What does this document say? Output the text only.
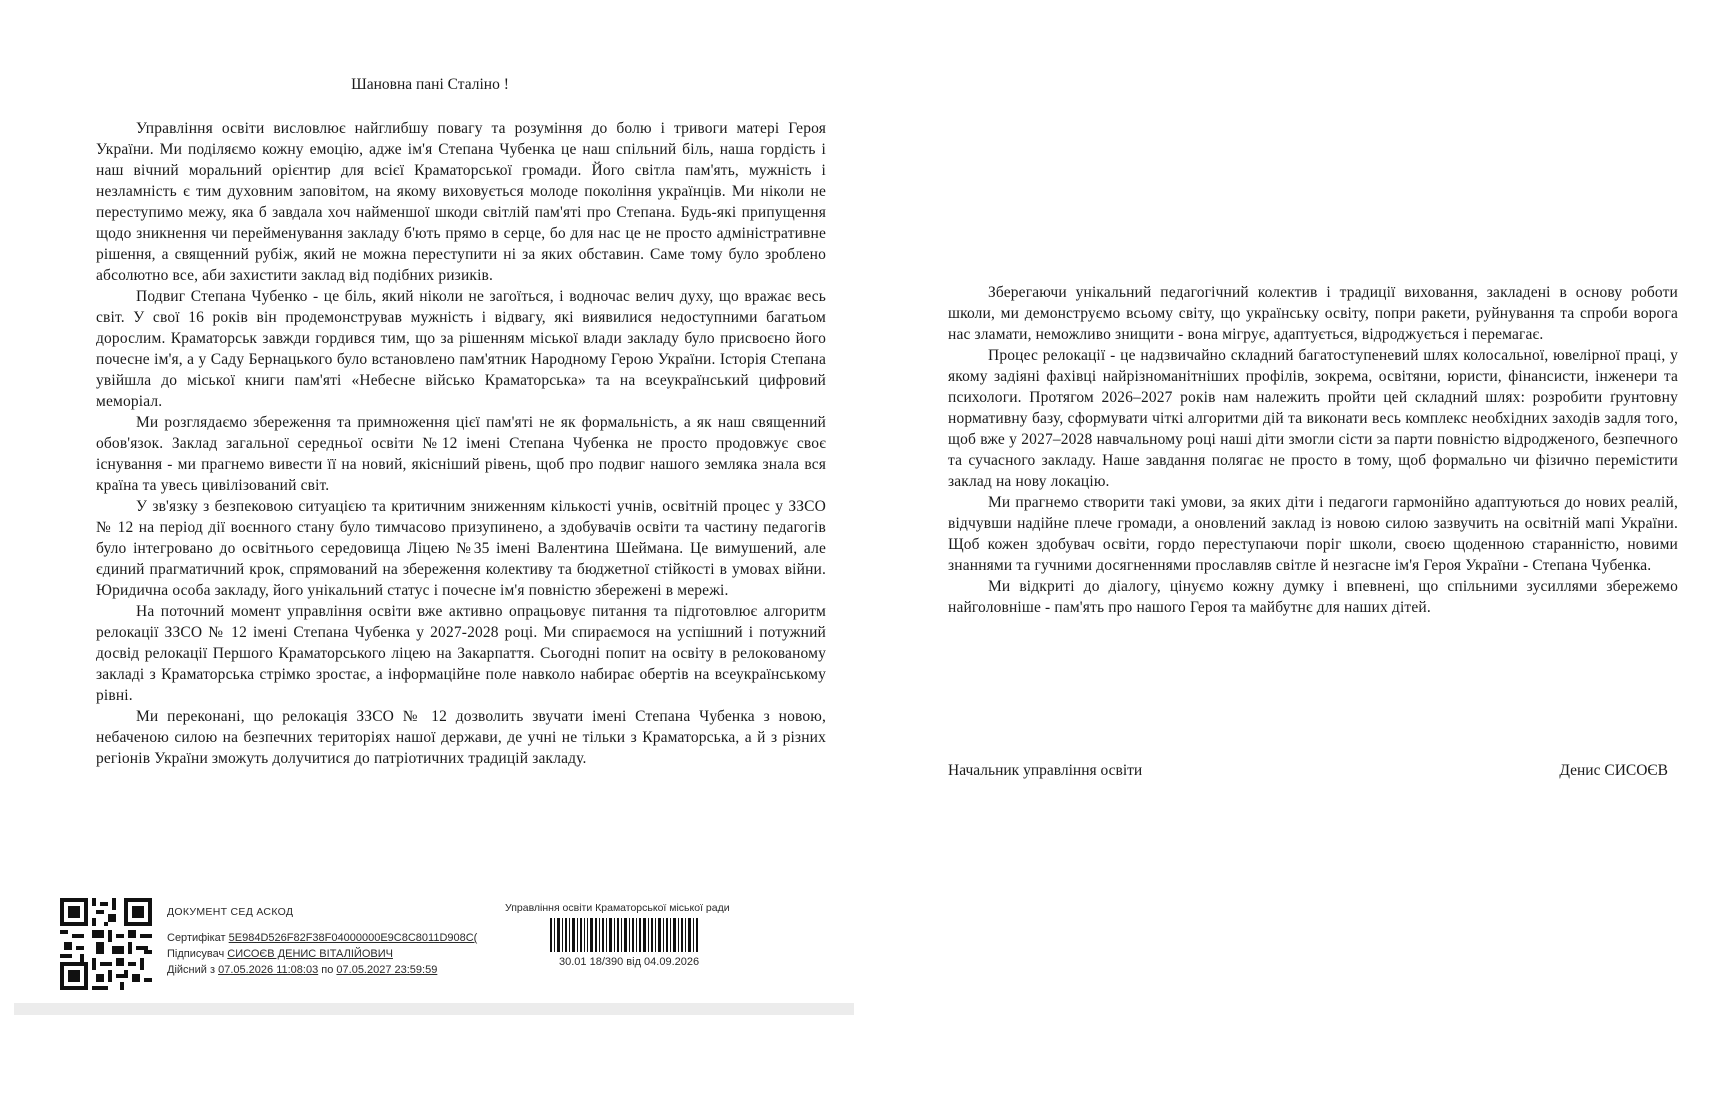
Шановна пані Сталіно !

Управління освіти висловлює найглибшу повагу та розуміння до болю і тривоги матері Героя України. Ми поділяємо кожну емоцію, адже ім'я Степана Чубенка це наш спільний біль, наша гордість і наш вічний моральний орієнтир для всієї Краматорської громади. Його світла пам'ять, мужність і незламність є тим духовним заповітом, на якому виховується молоде покоління українців. Ми ніколи не переступимо межу, яка б завдала хоч найменшої шкоди світлій пам'яті про Степана. Будь-які припущення щодо зникнення чи перейменування закладу б'ють прямо в серце, бо для нас це не просто адміністративне рішення, а священний рубіж, який не можна переступити ні за яких обставин. Саме тому було зроблено абсолютно все, аби захистити заклад від подібних ризиків.

Подвиг Степана Чубенко - це біль, який ніколи не загоїться, і водночас велич духу, що вражає весь світ. У свої 16 років він продемонстрував мужність і відвагу, які виявилися недоступними багатьом дорослим. Краматорськ завжди гордився тим, що за рішенням міської влади закладу було присвоєно його почесне ім'я, а у Саду Бернацького було встановлено пам'ятник Народному Герою України. Історія Степана увійшла до міської книги пам'яті «Небесне військо Краматорська» та на всеукраїнський цифровий меморіал.

Ми розглядаємо збереження та примноження цієї пам'яті не як формальність, а як наш священний обов'язок. Заклад загальної середньої освіти №12 імені Степана Чубенка не просто продовжує своє існування - ми прагнемо вивести її на новий, якісніший рівень, щоб про подвиг нашого земляка знала вся країна та увесь цивілізований світ.

У зв'язку з безпековою ситуацією та критичним зниженням кількості учнів, освітній процес у ЗЗСО № 12 на період дії воєнного стану було тимчасово призупинено, а здобувачів освіти та частину педагогів було інтегровано до освітнього середовища Ліцею №35 імені Валентина Шеймана. Це вимушений, але єдиний прагматичний крок, спрямований на збереження колективу та бюджетної стійкості в умовах війни. Юридична особа закладу, його унікальний статус і почесне ім'я повністю збережені в мережі.

На поточний момент управління освіти вже активно опрацьовує питання та підготовлює алгоритм релокації ЗЗСО № 12 імені Степана Чубенка у 2027-2028 році. Ми спираємося на успішний і потужний досвід релокації Першого Краматорського ліцею на Закарпаття. Сьогодні попит на освіту в релокованому закладі з Краматорська стрімко зростає, а інформаційне поле навколо набирає обертів на всеукраїнському рівні.

Ми переконані, що релокація ЗЗСО № 12 дозволить звучати імені Степана Чубенка з новою, небаченою силою на безпечних територіях нашої держави, де учні не тільки з Краматорська, а й з різних регіонів України зможуть долучитися до патріотичних традицій закладу.

ДОКУМЕНТ СЕД АСКОД
Сертифікат 5E984D526F82F38F04000000E9C8C8011D908C(
Підписувач СИСОЄВ ДЕНИС ВІТАЛІЙОВИЧ
Дійсний з 07.05.2026 11:08:03 по 07.05.2027 23:59:59
Управління освіти Краматорської міської ради
30.01 18/390 від 04.09.2026

Зберегаючи унікальний педагогічний колектив і традиції виховання, закладені в основу роботи школи, ми демонструємо всьому світу, що українську освіту, попри ракети, руйнування та спроби ворога нас зламати, неможливо знищити - вона мігрує, адаптується, відроджується і перемагає.

Процес релокації - це надзвичайно складний багатоступеневий шлях колосальної, ювелірної праці, у якому задіяні фахівці найрізноманітніших профілів, зокрема, освітяни, юристи, фінансисти, інженери та психологи. Протягом 2026–2027 років нам належить пройти цей складний шлях: розробити ґрунтовну нормативну базу, сформувати чіткі алгоритми дій та виконати весь комплекс необхідних заходів задля того, щоб вже у 2027–2028 навчальному році наші діти змогли сісти за парти повністю відродженого, безпечного та сучасного закладу. Наше завдання полягає не просто в тому, щоб формально чи фізично перемістити заклад на нову локацію.

Ми прагнемо створити такі умови, за яких діти і педагоги гармонійно адаптуються до нових реалій, відчувши надійне плече громади, а оновлений заклад із новою силою зазвучить на освітній мапі України. Щоб кожен здобувач освіти, гордо переступаючи поріг школи, своєю щоденною старанністю, новими знаннями та гучними досягненнями прославляв світле й незгасне ім'я Героя України - Степана Чубенка.

Ми відкриті до діалогу, цінуємо кожну думку і впевнені, що спільними зусиллями збережемо найголовніше - пам'ять про нашого Героя та майбутнє для наших дітей.

Начальник управління освіти	Денис СИСОЄВ
